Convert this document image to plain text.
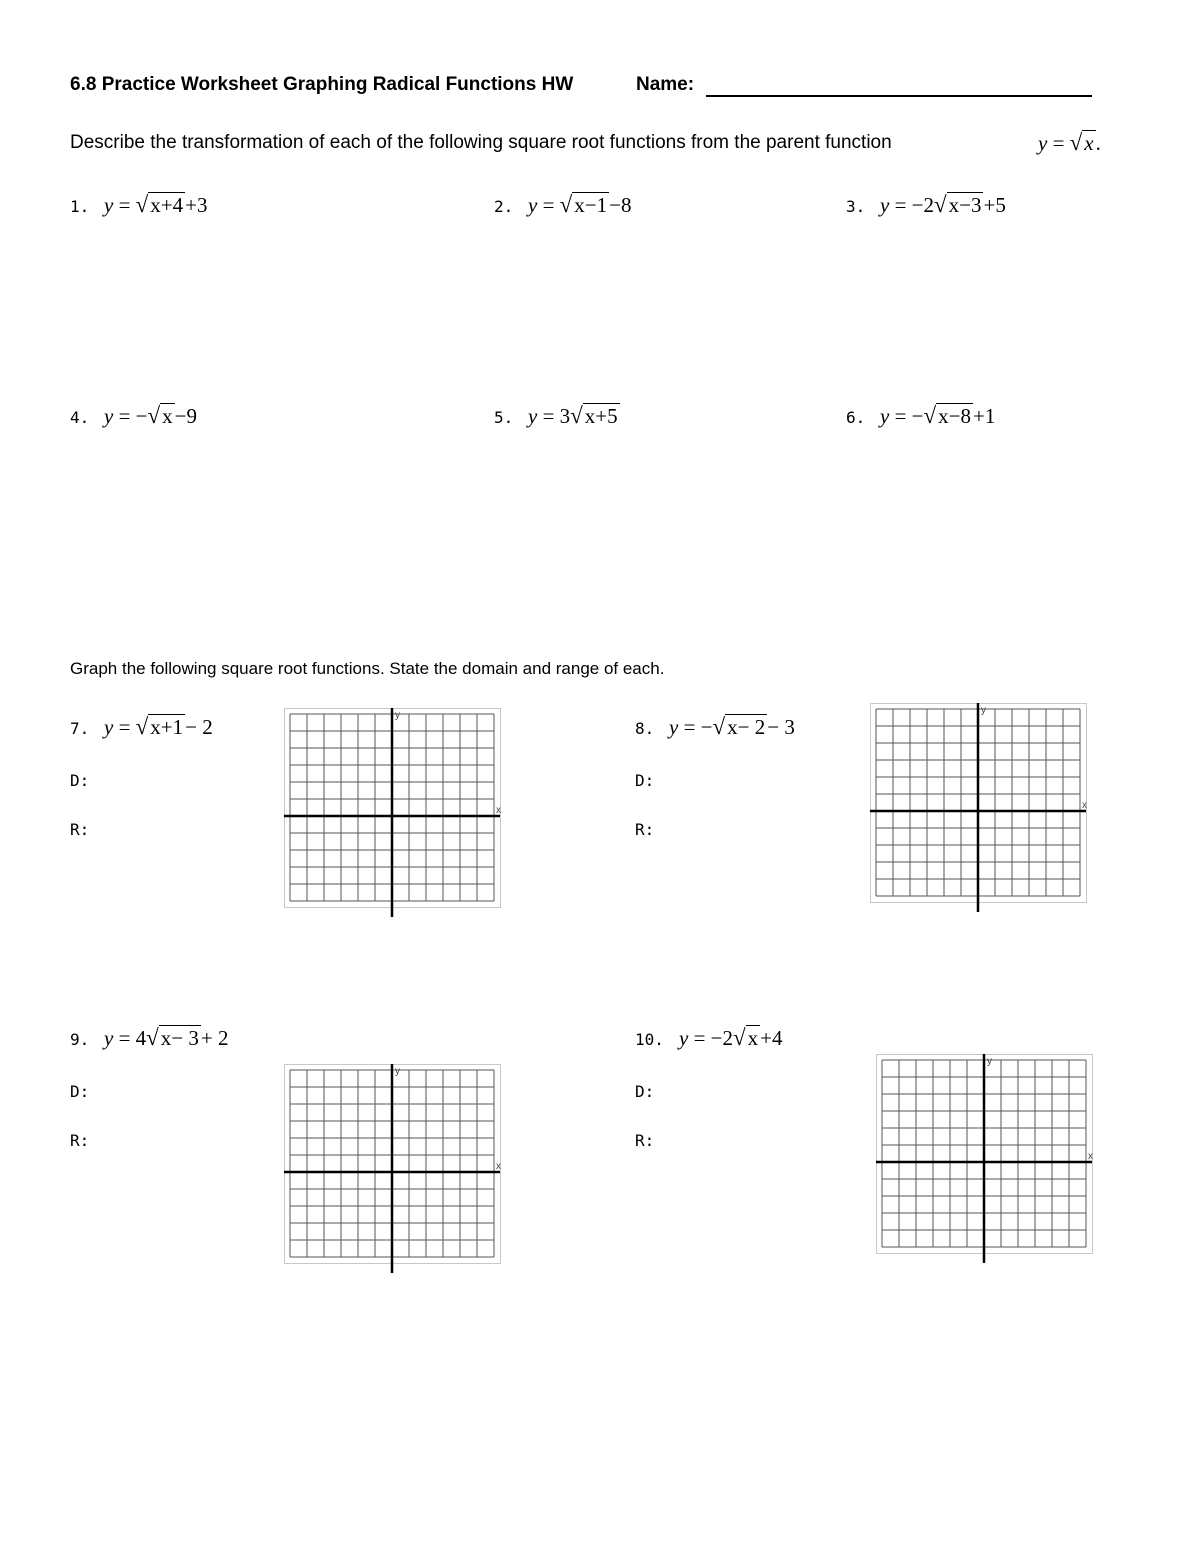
6.8 Practice Worksheet Graphing Radical Functions HW	Name:
Describe the transformation of each of the following square root functions from the parent function	y = √x.
1. y = √x+4+3	2. y = √x−1−8	3. y = −2√x−3+5
4. y = −√x−9	5. y = 3√x+5	6. y = −√x−8+1
Graph the following square root functions. State the domain and range of each.
7. y = √x+1− 2
D:
R:
8. y = −√x− 2− 3
D:
R:
9. y = 4√x− 3+ 2
D:
R:
10. y = −2√x+4
D:
R:
y
x
y
x
y
x
y
x
